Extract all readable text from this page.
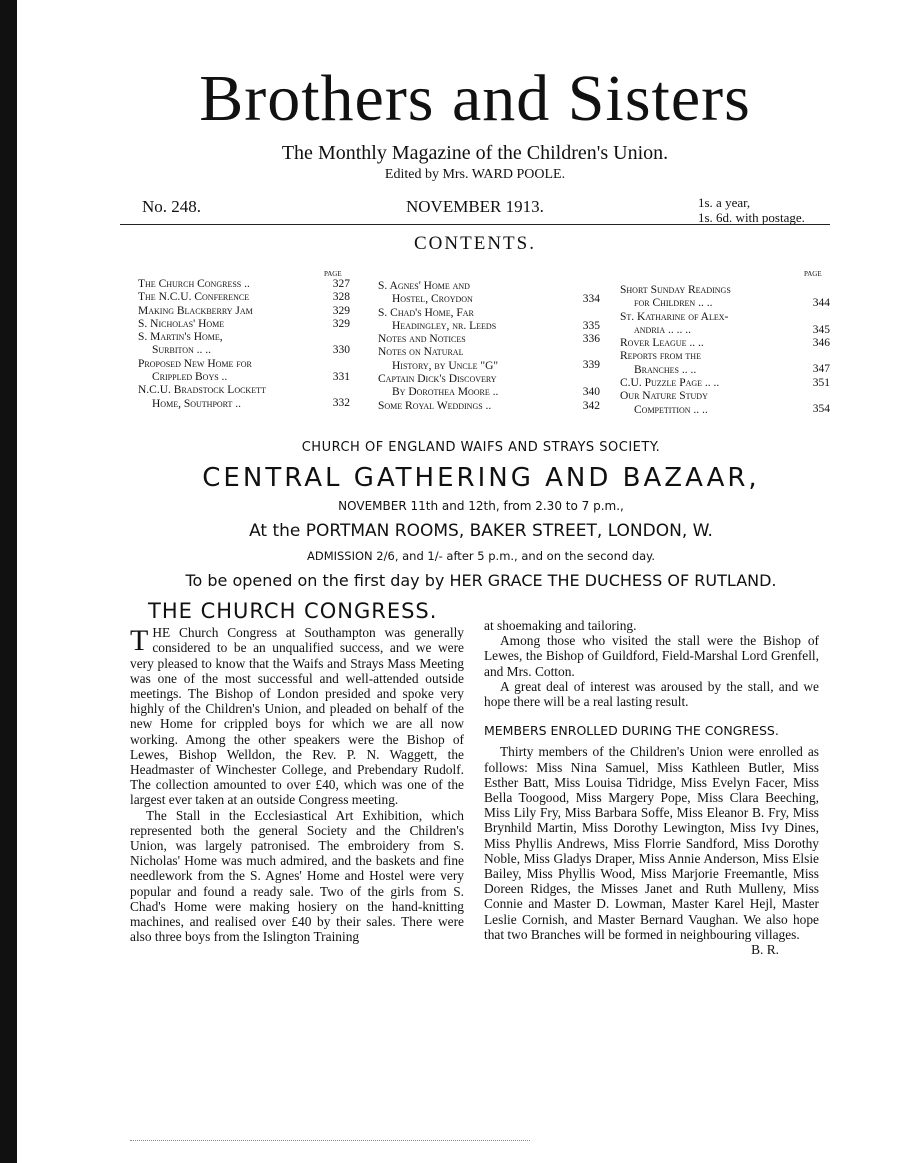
Brothers and Sisters
The Monthly Magazine of the Children's Union.
Edited by Mrs. WARD POOLE.
No. 248.	NOVEMBER 1913.	1s. a year,
1s. 6d. with postage.
CONTENTS.
PAGE
The Church Congress ..	327
The N.C.U. Conference	328
Making Blackberry Jam	329
S. Nicholas' Home	329
S. Martin's Home,
Surbiton .. ..	330
Proposed New Home for
Crippled Boys ..	331
N.C.U. Bradstock Lockett
Home, Southport ..	332
S. Agnes' Home and
Hostel, Croydon	334
S. Chad's Home, Far
Headingley, nr. Leeds	335
Notes and Notices	336
Notes on Natural
History, by Uncle "G"	339
Captain Dick's Discovery
By Dorothea Moore ..	340
Some Royal Weddings ..	342
PAGE
Short Sunday Readings
for Children .. ..	344
St. Katharine of Alex-
andria .. .. ..	345
Rover League .. ..	346
Reports from the
Branches .. ..	347
C.U. Puzzle Page .. ..	351
Our Nature Study
Competition .. ..	354
CHURCH OF ENGLAND WAIFS AND STRAYS SOCIETY.
CENTRAL GATHERING AND BAZAAR,
NOVEMBER 11th and 12th, from 2.30 to 7 p.m.,
At the PORTMAN ROOMS, BAKER STREET, LONDON, W.
ADMISSION 2/6, and 1/- after 5 p.m., and on the second day.
To be opened on the first day by HER GRACE THE DUCHESS OF RUTLAND.
THE CHURCH CONGRESS.

THE Church Congress at Southampton was generally considered to be an unqualified success, and we were very pleased to know that the Waifs and Strays Mass Meeting was one of the most successful and well-attended outside meetings. The Bishop of London presided and spoke very highly of the Children's Union, and pleaded on behalf of the new Home for crippled boys for which we are all now working. Among the other speakers were the Bishop of Lewes, Bishop Welldon, the Rev. P. N. Waggett, the Headmaster of Winchester College, and Prebendary Rudolf. The collection amounted to over £40, which was one of the largest ever taken at an outside Congress meeting.

The Stall in the Ecclesiastical Art Exhibition, which represented both the general Society and the Children's Union, was largely patronised. The embroidery from S. Nicholas' Home was much admired, and the baskets and fine needlework from the S. Agnes' Home and Hostel were very popular and found a ready sale. Two of the girls from S. Chad's Home were making hosiery on the hand-knitting machines, and realised over £40 by their sales. There were also three boys from the Islington Training

at shoemaking and tailoring.

Among those who visited the stall were the Bishop of Lewes, the Bishop of Guildford, Field-Marshal Lord Grenfell, and Mrs. Cotton.

A great deal of interest was aroused by the stall, and we hope there will be a real lasting result.

MEMBERS ENROLLED DURING THE CONGRESS.

Thirty members of the Children's Union were enrolled as follows: Miss Nina Samuel, Miss Kathleen Butler, Miss Esther Batt, Miss Louisa Tidridge, Miss Evelyn Facer, Miss Bella Toogood, Miss Margery Pope, Miss Clara Beeching, Miss Lily Fry, Miss Barbara Soffe, Miss Eleanor B. Fry, Miss Brynhild Martin, Miss Dorothy Lewington, Miss Ivy Dines, Miss Phyllis Andrews, Miss Florrie Sandford, Miss Dorothy Noble, Miss Gladys Draper, Miss Annie Anderson, Miss Elsie Bailey, Miss Phyllis Wood, Miss Marjorie Freemantle, Miss Doreen Ridges, the Misses Janet and Ruth Mulleny, Miss Connie and Master D. Lowman, Master Karel Hejl, Master Leslie Cornish, and Master Bernard Vaughan. We also hope that two Branches will be formed in neighbouring villages.

B. R.
